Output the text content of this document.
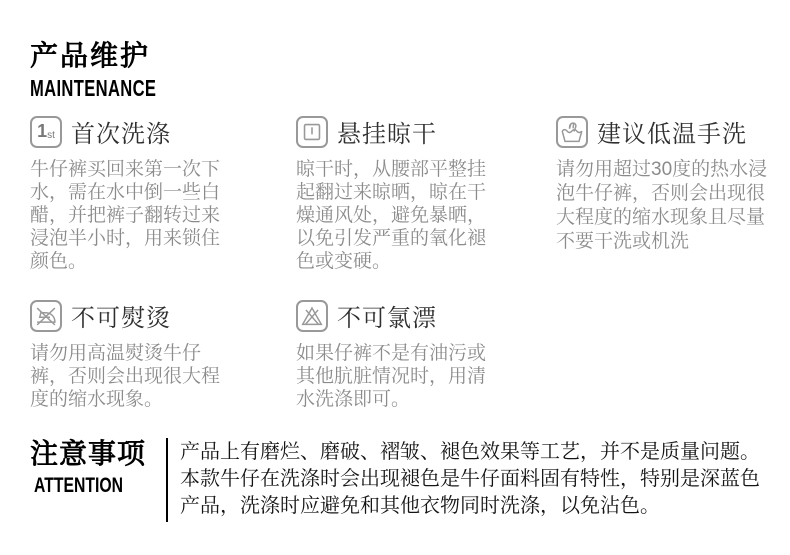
产品维护
MAINTENANCE
1st 首次洗涤

牛仔裤买回来第一次下水，需在水中倒一些白醋，并把裤子翻转过来浸泡半小时，用来锁住颜色。

悬挂晾干

晾干时，从腰部平整挂起翻过来晾晒，晾在干燥通风处，避免暴晒，以免引发严重的氧化褪色或变硬。

建议低温手洗

请勿用超过30度的热水浸泡牛仔裤，否则会出现很大程度的缩水现象且尽量不要干洗或机洗

不可熨烫

请勿用高温熨烫牛仔裤，否则会出现很大程度的缩水现象。

不可氯漂

如果仔裤不是有油污或其他肮脏情况时，用清水洗涤即可。

注意事项
ATTENTION
产品上有磨烂、磨破、褶皱、褪色效果等工艺，并不是质量问题。
本款牛仔在洗涤时会出现褪色是牛仔面料固有特性，特别是深蓝色
产品，洗涤时应避免和其他衣物同时洗涤，以免沾色。
